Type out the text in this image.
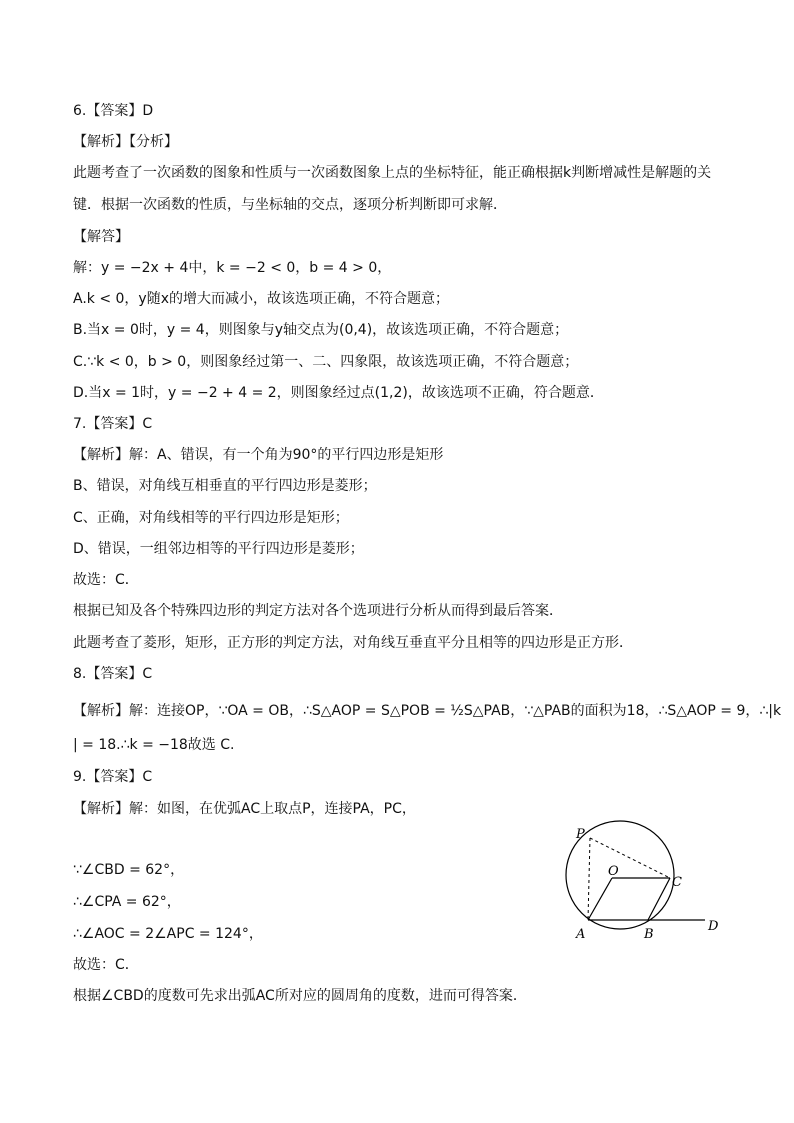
6.【答案】D
【解析】【分析】
此题考查了一次函数的图象和性质与一次函数图象上点的坐标特征，能正确根据k判断增减性是解题的关
键．根据一次函数的性质，与坐标轴的交点，逐项分析判断即可求解．
【解答】
解：y = −2x + 4中，k = −2 < 0，b = 4 > 0，
A.k < 0，y随x的增大而减小，故该选项正确，不符合题意；
B.当x = 0时，y = 4，则图象与y轴交点为(0,4)，故该选项正确，不符合题意；
C.∵k < 0，b > 0，则图象经过第一、二、四象限，故该选项正确，不符合题意；
D.当x = 1时，y = −2 + 4 = 2，则图象经过点(1,2)，故该选项不正确，符合题意．
7.【答案】C
【解析】解：A、错误，有一个角为90°的平行四边形是矩形
B、错误，对角线互相垂直的平行四边形是菱形；
C、正确，对角线相等的平行四边形是矩形；
D、错误，一组邻边相等的平行四边形是菱形；
故选：C．
根据已知及各个特殊四边形的判定方法对各个选项进行分析从而得到最后答案．
此题考查了菱形，矩形，正方形的判定方法，对角线互垂直平分且相等的四边形是正方形．
8.【答案】C
【解析】解：连接OP，∵OA = OB，∴S△AOP = S△POB = ½S△PAB，∵△PAB的面积为18，∴S△AOP = 9，∴|k
| = 18.∴k = −18故选 C.
9.【答案】C
【解析】解：如图，在优弧AC上取点P，连接PA，PC，
∵∠CBD = 62°，
∴∠CPA = 62°，
∴∠AOC = 2∠APC = 124°，
故选：C．
根据∠CBD的度数可先求出弧AC所对应的圆周角的度数，进而可得答案．
P
O
C
A	B
D
